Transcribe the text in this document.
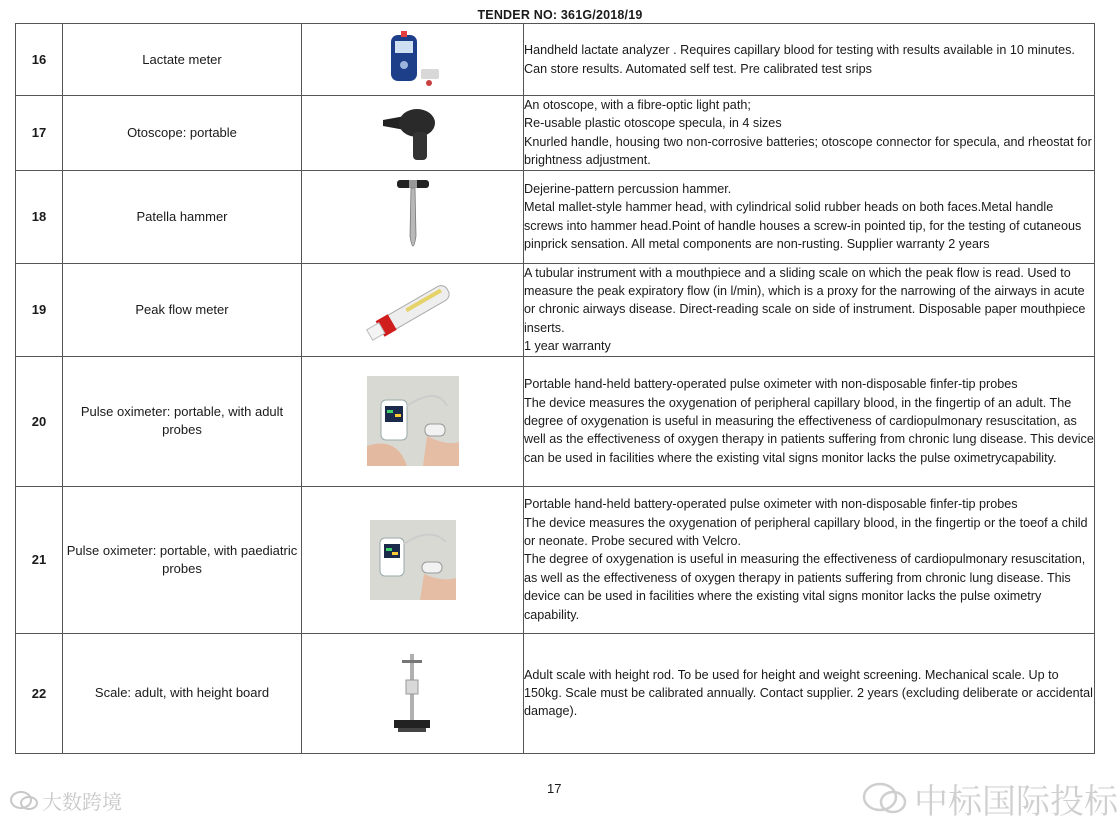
TENDER NO: 361G/2018/19
16	Lactate meter		Handheld lactate analyzer . Requires capillary blood for testing with results available in 10 minutes. Can store results. Automated self test. Pre calibrated test srips
17	Otoscope: portable		An otoscope, with a fibre-optic light path;
Re-usable plastic otoscope specula, in 4 sizes
Knurled handle, housing two non-corrosive batteries; otoscope connector for specula, and rheostat for brightness adjustment.
18	Patella hammer		Dejerine-pattern percussion hammer.
Metal mallet-style hammer head, with cylindrical solid rubber heads on both faces.Metal handle screws into hammer head.Point of handle houses a screw-in pointed tip, for the testing of cutaneous pinprick sensation. All metal components are non-rusting. Supplier warranty 2 years
19	Peak flow meter		A tubular instrument with a mouthpiece and a sliding scale on which the peak flow is read. Used to measure the peak expiratory flow (in l/min), which is a proxy for the narrowing of the airways in acute or chronic airways disease. Direct-reading scale on side of instrument. Disposable paper mouthpiece inserts.
1 year warranty
20	Pulse oximeter: portable, with adult probes		Portable hand-held battery-operated pulse oximeter with non-disposable finfer-tip probes
The device measures the oxygenation of peripheral capillary blood, in the fingertip of an adult. The degree of oxygenation is useful in measuring the effectiveness of cardiopulmonary resuscitation, as well as the effectiveness of oxygen therapy in patients suffering from chronic lung disease. This device can be used in facilities where the existing vital signs monitor lacks the pulse oximetrycapability.
21	Pulse oximeter: portable, with paediatric probes		Portable hand-held battery-operated pulse oximeter with non-disposable finfer-tip probes
The device measures the oxygenation of peripheral capillary blood, in the fingertip or the toeof a child or neonate. Probe secured with Velcro.
The degree of oxygenation is useful in measuring the effectiveness of cardiopulmonary resuscitation, as well as the effectiveness of oxygen therapy in patients suffering from chronic lung disease. This device can be used in facilities where the existing vital signs monitor lacks the pulse oximetry capability.
22	Scale: adult, with height board		Adult scale with height rod. To be used for height and weight screening. Mechanical scale. Up to 150kg. Scale must be calibrated annually. Contact supplier. 2 years (excluding deliberate or accidental damage).
17
大数跨境	中标国际投标
